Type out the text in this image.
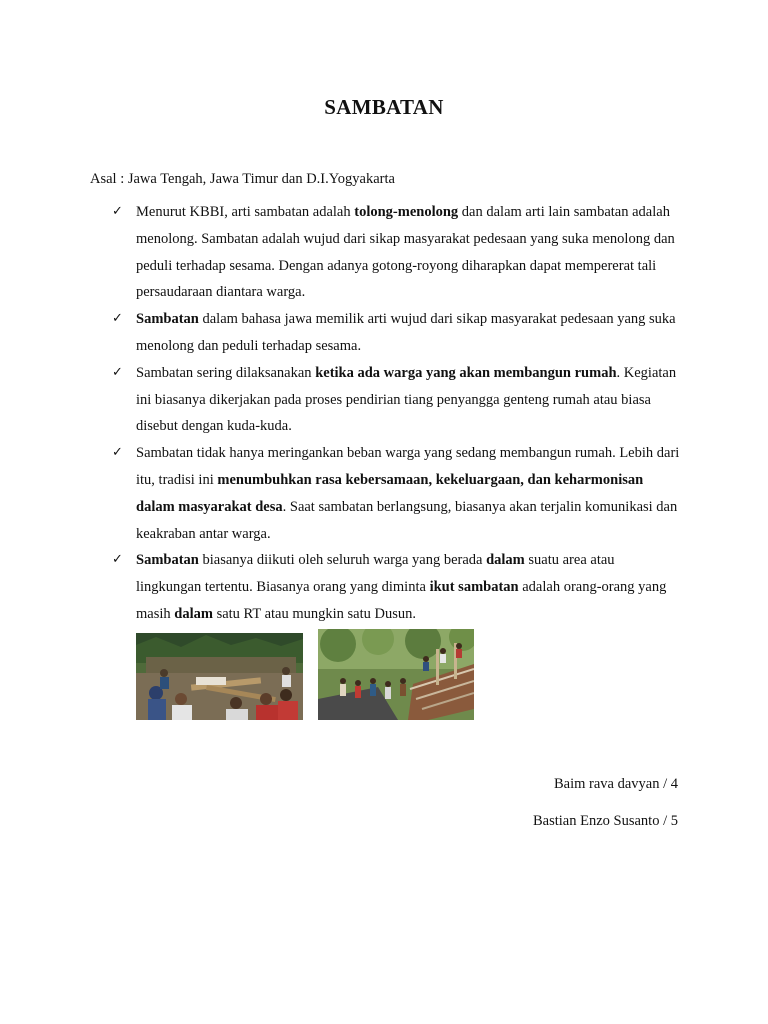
SAMBATAN
Asal : Jawa Tengah, Jawa Timur dan D.I.Yogyakarta
✓ Menurut KBBI, arti sambatan adalah tolong-menolong dan dalam arti lain sambatan adalah menolong. Sambatan adalah wujud dari sikap masyarakat pedesaan yang suka menolong dan peduli terhadap sesama. Dengan adanya gotong-royong diharapkan dapat mempererat tali persaudaraan diantara warga.
✓ Sambatan dalam bahasa jawa memilik arti wujud dari sikap masyarakat pedesaan yang suka menolong dan peduli terhadap sesama.
✓ Sambatan sering dilaksanakan ketika ada warga yang akan membangun rumah. Kegiatan ini biasanya dikerjakan pada proses pendirian tiang penyangga genteng rumah atau biasa disebut dengan kuda-kuda.
✓ Sambatan tidak hanya meringankan beban warga yang sedang membangun rumah. Lebih dari itu, tradisi ini menumbuhkan rasa kebersamaan, kekeluargaan, dan keharmonisan dalam masyarakat desa. Saat sambatan berlangsung, biasanya akan terjalin komunikasi dan keakraban antar warga.
✓ Sambatan biasanya diikuti oleh seluruh warga yang berada dalam suatu area atau lingkungan tertentu. Biasanya orang yang diminta ikut sambatan adalah orang-orang yang masih dalam satu RT atau mungkin satu Dusun.
Baim rava davyan / 4
Bastian Enzo Susanto / 5
